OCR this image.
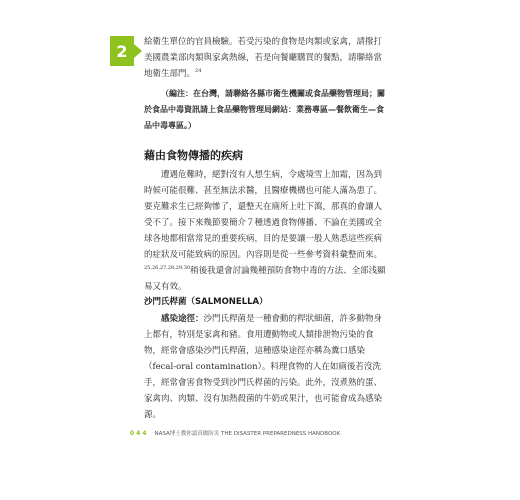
2 給衛生單位的官員檢驗。若受污染的食物是肉類或家禽，請撥打美國農業部肉類與家禽熱線，若是向餐廳購買的餐點，請聯絡當地衛生部門。$^{24}$

（編注：在台灣，請聯絡各縣市衛生機關或食品藥物管理局；關於食品中毒資訊請上食品藥物管理局網站：業務專區—餐飲衛生—食品中毒專區。）

藉由食物傳播的疾病

遭遇危難時，絕對沒有人想生病，令處境雪上加霜，因為到時候可能很難、甚至無法求醫，且醫療機構也可能人滿為患了。要克難求生已經夠慘了，還整天在廁所上吐下瀉，那真的會讓人受不了。接下來幾節要簡介７種透過食物傳播、不論在美國或全球各地都相當常見的重要疾病，目的是要讓一般人熟悉這些疾病的症狀及可能致病的原因。內容則是從一些參考資料彙整而來。$^{25,26,27,28,29,30}$稍後我還會討論幾種預防食物中毒的方法、全部浅顯易又有效。

沙門氏桿菌（SALMONELLA）

感染途徑：沙門氏桿菌是一種會動的桿狀細菌，許多動物身上都有，特別是家禽和豬。食用遭動物或人類排泄物污染的食物，經常會感染沙門氏桿菌，這種感染途徑亦稱為糞口感染（fecal-oral contamination）。料理食物的人在如廁後若沒洗手，經常會害食物受到沙門氏桿菌的污染。此外，沒煮熟的蛋、家禽肉、肉類、沒有加熱殺菌的牛奶或果汁，也可能會成為感染源。

044 NASA博士教你認真做防災 THE DISASTER PREPAREDNESS HANDBOOK
